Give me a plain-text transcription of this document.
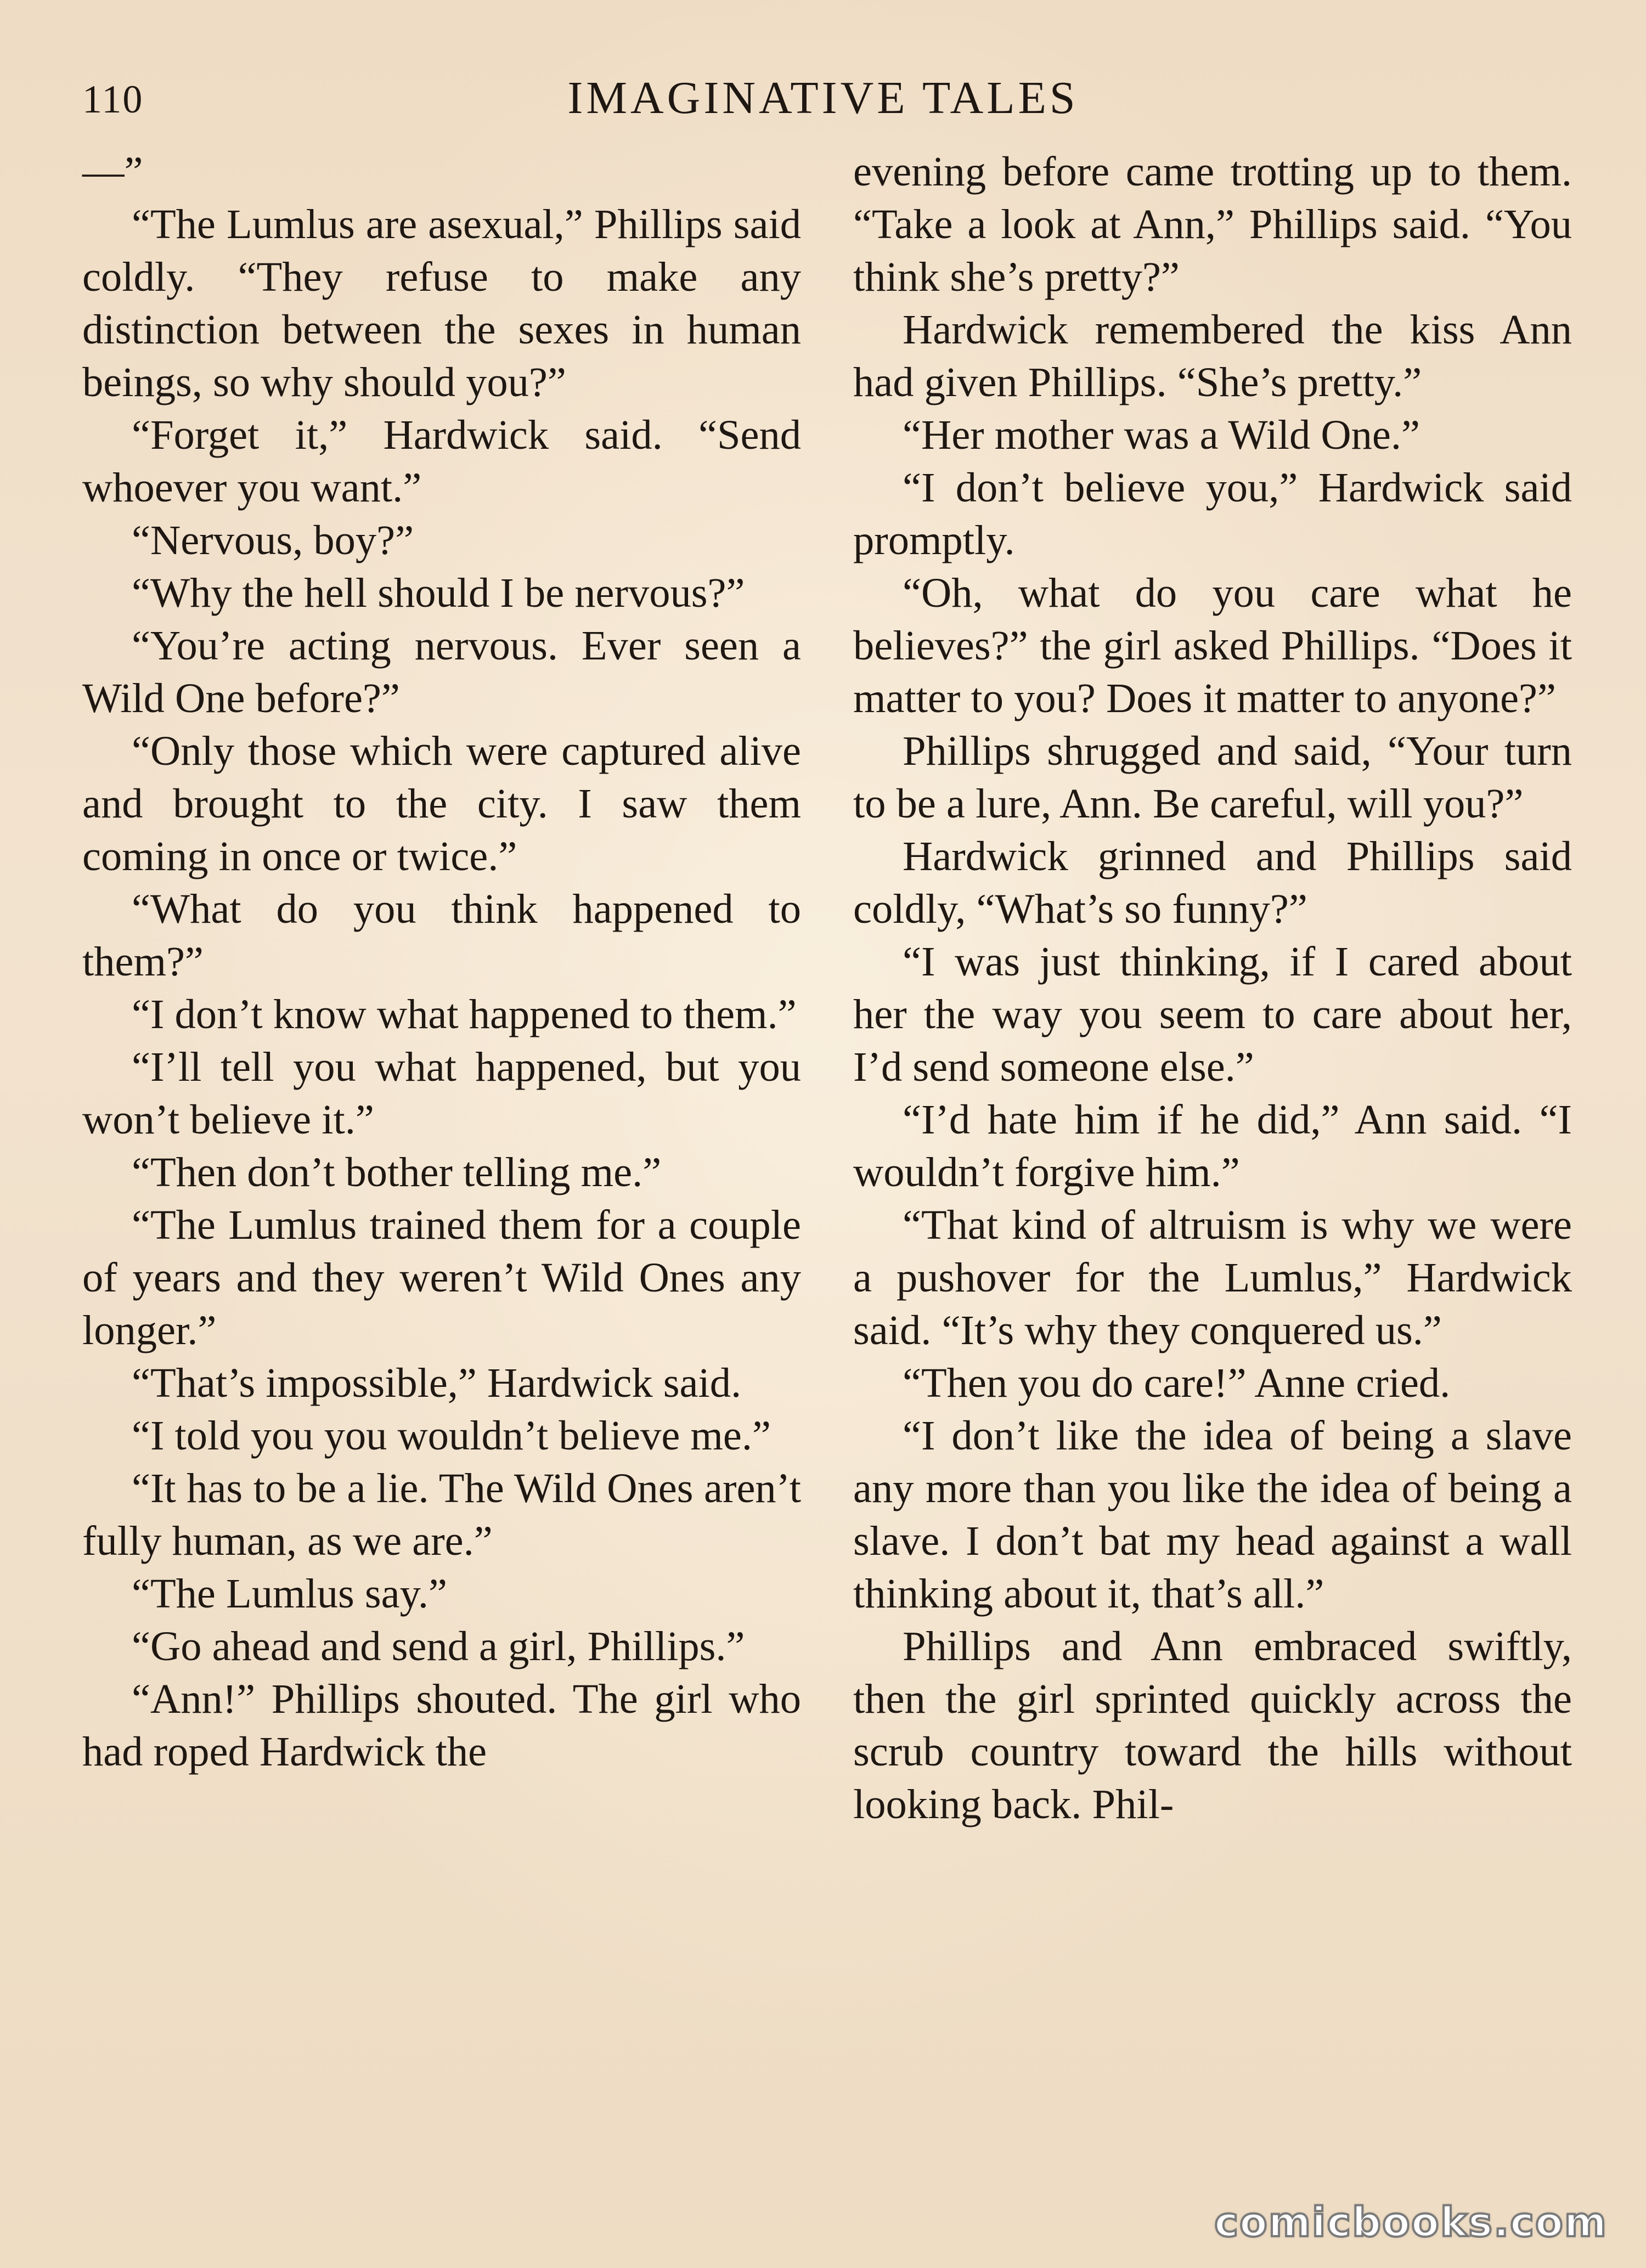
110	IMAGINATIVE TALES

—”

“The Lumlus are asexual,” Phillips said coldly. “They refuse to make any distinction between the sexes in human beings, so why should you?”

“Forget it,” Hardwick said. “Send whoever you want.”

“Nervous, boy?”

“Why the hell should I be nervous?”

“You’re acting nervous. Ever seen a Wild One before?”

“Only those which were captured alive and brought to the city. I saw them coming in once or twice.”

“What do you think happened to them?”

“I don’t know what happened to them.”

“I’ll tell you what happened, but you won’t believe it.”

“Then don’t bother telling me.”

“The Lumlus trained them for a couple of years and they weren’t Wild Ones any longer.”

“That’s impossible,” Hardwick said.

“I told you you wouldn’t believe me.”

“It has to be a lie. The Wild Ones aren’t fully human, as we are.”

“The Lumlus say.”

“Go ahead and send a girl, Phillips.”

“Ann!” Phillips shouted. The girl who had roped Hardwick the

evening before came trotting up to them. “Take a look at Ann,” Phillips said. “You think she’s pretty?”

Hardwick remembered the kiss Ann had given Phillips. “She’s pretty.”

“Her mother was a Wild One.”

“I don’t believe you,” Hardwick said promptly.

“Oh, what do you care what he believes?” the girl asked Phillips. “Does it matter to you? Does it matter to anyone?”

Phillips shrugged and said, “Your turn to be a lure, Ann. Be careful, will you?”

Hardwick grinned and Phillips said coldly, “What’s so funny?”

“I was just thinking, if I cared about her the way you seem to care about her, I’d send someone else.”

“I’d hate him if he did,” Ann said. “I wouldn’t forgive him.”

“That kind of altruism is why we were a pushover for the Lumlus,” Hardwick said. “It’s why they conquered us.”

“Then you do care!” Anne cried.

“I don’t like the idea of being a slave any more than you like the idea of being a slave. I don’t bat my head against a wall thinking about it, that’s all.”

Phillips and Ann embraced swiftly, then the girl sprinted quickly across the scrub country toward the hills without looking back. Phil-

comicbooks.com
